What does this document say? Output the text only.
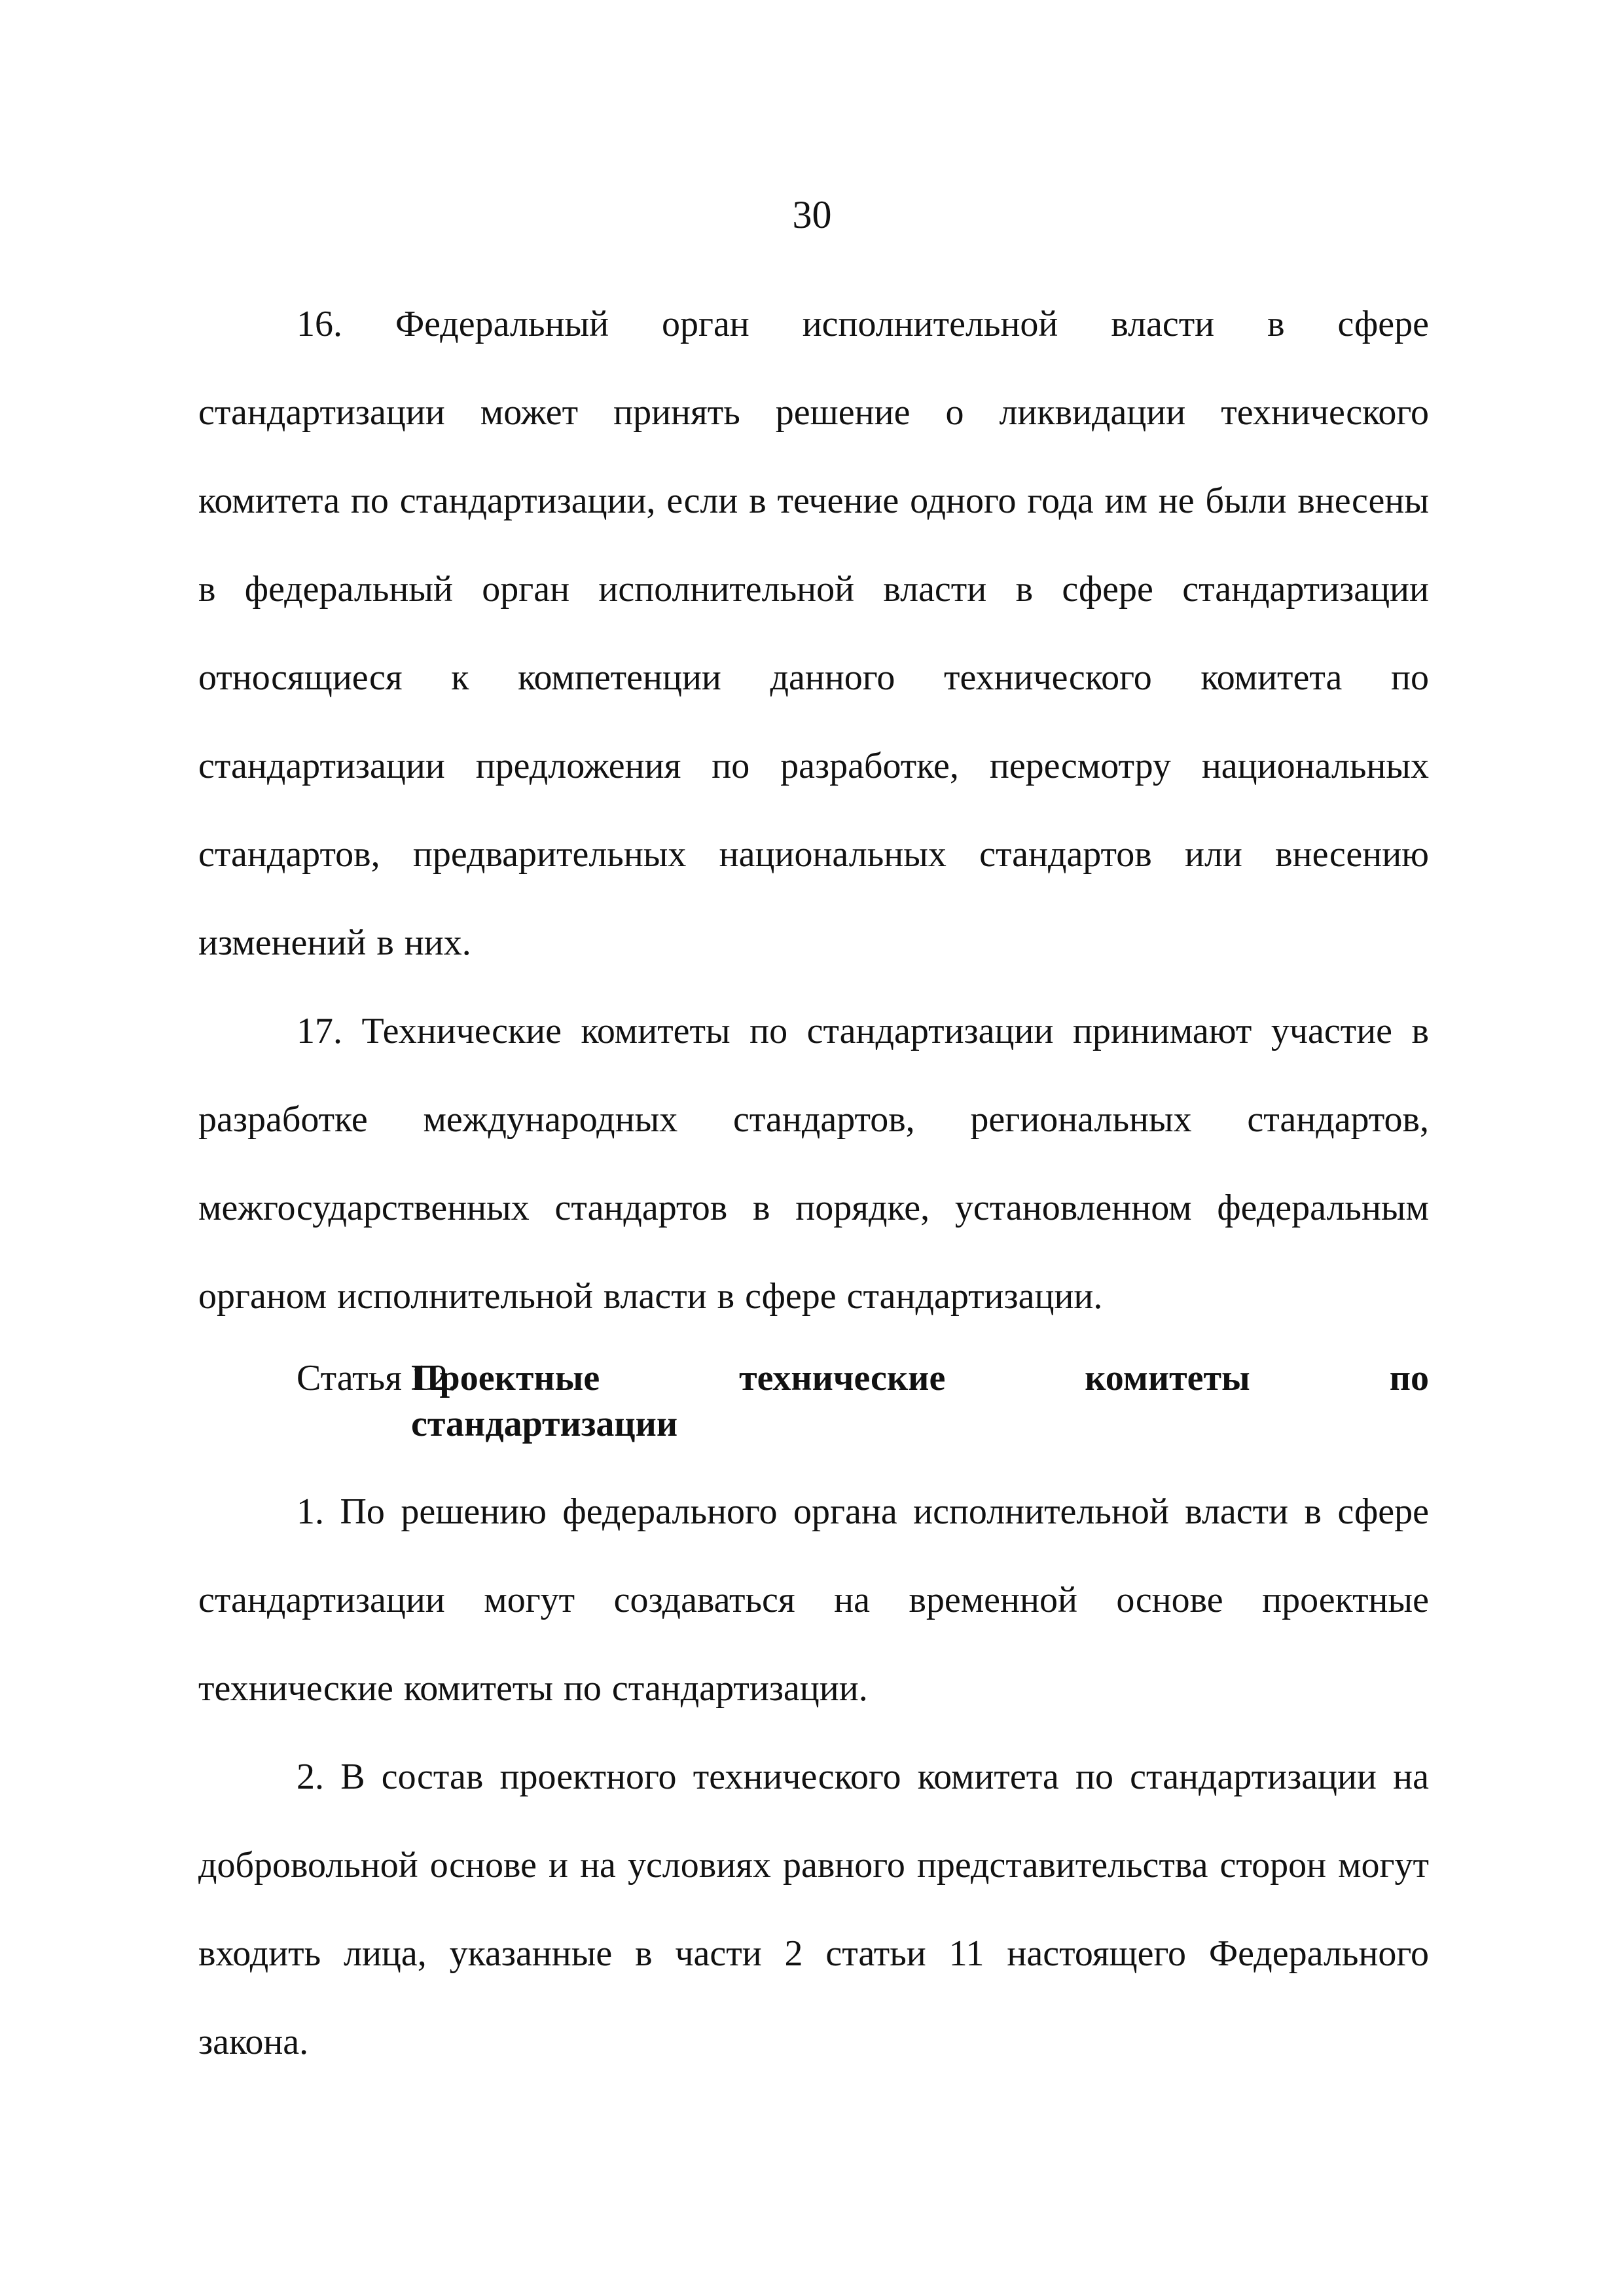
30

16. Федеральный орган исполнительной власти в сфере стандартизации может принять решение о ликвидации технического комитета по стандартизации, если в течение одного года им не были внесены в федеральный орган исполнительной власти в сфере стандартизации относящиеся к компетенции данного технического комитета по стандартизации предложения по разработке, пересмотру национальных стандартов, предварительных национальных стандартов или внесению изменений в них.

17. Технические комитеты по стандартизации принимают участие в разработке международных стандартов, региональных стандартов, межгосударственных стандартов в порядке, установленном федеральным органом исполнительной власти в сфере стандартизации.

Статья 12.
Проектные технические комитеты по
стандартизации

1. По решению федерального органа исполнительной власти в сфере стандартизации могут создаваться на временной основе проектные технические комитеты по стандартизации.

2. В состав проектного технического комитета по стандартизации на добровольной основе и на условиях равного представительства сторон могут входить лица, указанные в части 2 статьи 11 настоящего Федерального закона.
